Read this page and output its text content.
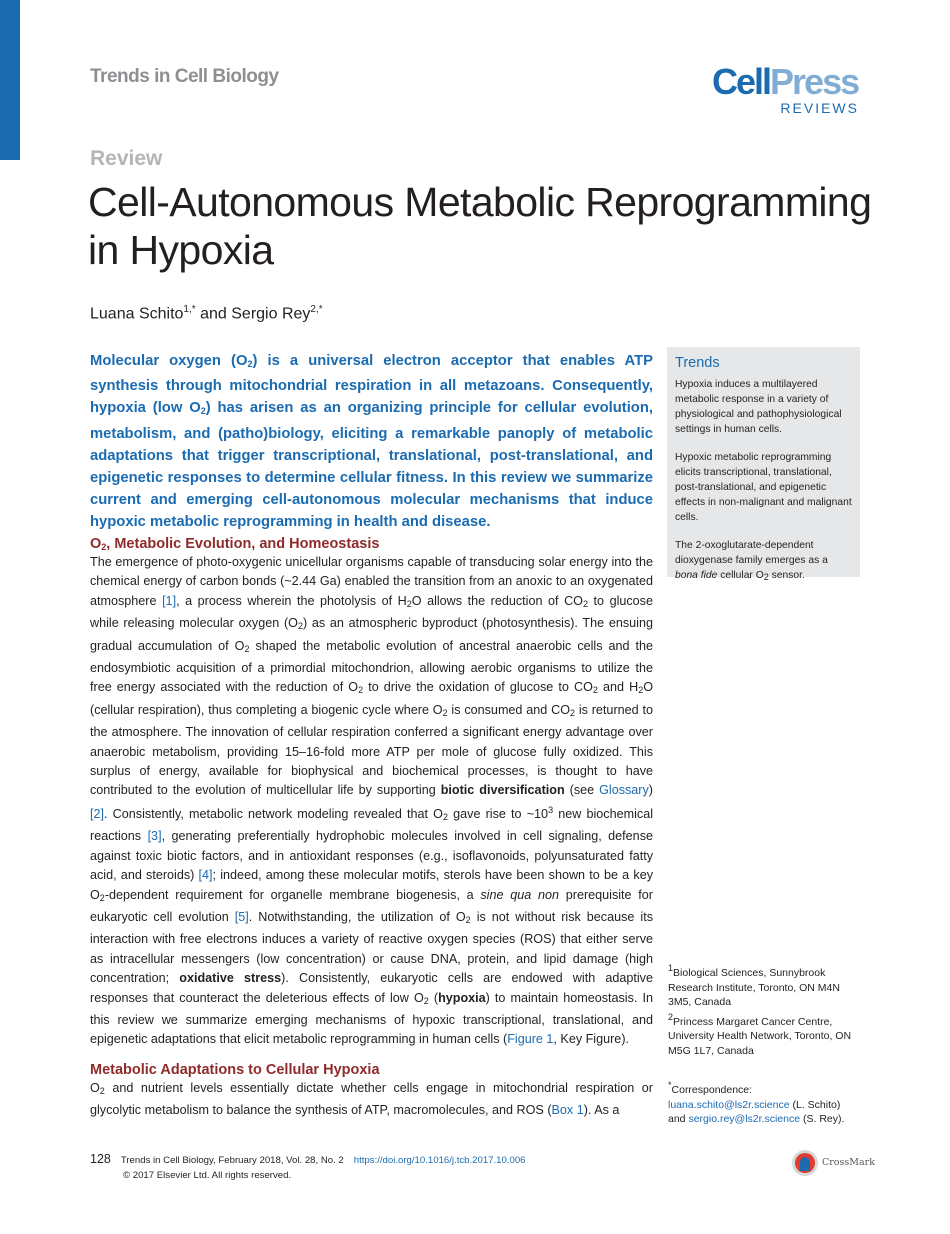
Trends in Cell Biology	CellPress
REVIEWS
Review
Cell-Autonomous Metabolic Reprogramming in Hypoxia
Luana Schito$^{1,*}$ and Sergio Rey$^{2,*}$
Molecular oxygen $(O_2)$ is a universal electron acceptor that enables ATP synthesis through mitochondrial respiration in all metazoans. Consequently, hypoxia (low $O_2$) has arisen as an organizing principle for cellular evolution, metabolism, and (patho)biology, eliciting a remarkable panoply of metabolic adaptations that trigger transcriptional, translational, post-translational, and epigenetic responses to determine cellular fitness. In this review we summarize current and emerging cell-autonomous molecular mechanisms that induce hypoxic metabolic reprogramming in health and disease.
$O_2$, Metabolic Evolution, and Homeostasis
The emergence of photo-oxygenic unicellular organisms capable of transducing solar energy into the chemical energy of carbon bonds (~2.44 Ga) enabled the transition from an anoxic to an oxygenated atmosphere [1], a process wherein the photolysis of $H_2O$ allows the reduction of $CO_2$ to glucose while releasing molecular oxygen $(O_2)$ as an atmospheric byproduct (photosynthesis). The ensuing gradual accumulation of $O_2$ shaped the metabolic evolution of ancestral anaerobic cells and the endosymbiotic acquisition of a primordial mitochondrion, allowing aerobic organisms to utilize the free energy associated with the reduction of $O_2$ to drive the oxidation of glucose to $CO_2$ and $H_2O$ (cellular respiration), thus completing a biogenic cycle where $O_2$ is consumed and $CO_2$ is returned to the atmosphere. The innovation of cellular respiration conferred a significant energy advantage over anaerobic metabolism, providing 15–16-fold more ATP per mole of glucose fully oxidized. This surplus of energy, available for biophysical and biochemical processes, is thought to have contributed to the evolution of multicellular life by supporting biotic diversification (see Glossary) [2]. Consistently, metabolic network modeling revealed that $O_2$ gave rise to $\sim 10^3$ new biochemical reactions [3], generating preferentially hydrophobic molecules involved in cell signaling, defense against toxic biotic factors, and in antioxidant responses (e.g., isoflavonoids, polyunsaturated fatty acid, and steroids) [4]; indeed, among these molecular motifs, sterols have been shown to be a key $O_2$-dependent requirement for organelle membrane biogenesis, a sine qua non prerequisite for eukaryotic cell evolution [5]. Notwithstanding, the utilization of $O_2$ is not without risk because its interaction with free electrons induces a variety of reactive oxygen species (ROS) that either serve as intracellular messengers (low concentration) or cause DNA, protein, and lipid damage (high concentration; oxidative stress). Consistently, eukaryotic cells are endowed with adaptive responses that counteract the deleterious effects of low $O_2$ (hypoxia) to maintain homeostasis. In this review we summarize emerging mechanisms of hypoxic transcriptional, translational, and epigenetic adaptations that elicit metabolic reprogramming in human cells (Figure 1, Key Figure).
Metabolic Adaptations to Cellular Hypoxia
$O_2$ and nutrient levels essentially dictate whether cells engage in mitochondrial respiration or glycolytic metabolism to balance the synthesis of ATP, macromolecules, and ROS (Box 1). As a
Trends
Hypoxia induces a multilayered metabolic response in a variety of physiological and pathophysiological settings in human cells.
Hypoxic metabolic reprogramming elicits transcriptional, translational, post-translational, and epigenetic effects in non-malignant and malignant cells.
The 2-oxoglutarate-dependent dioxygenase family emerges as a bona fide cellular O2 sensor.
1Biological Sciences, Sunnybrook Research Institute, Toronto, ON M4N 3M5, Canada
2Princess Margaret Cancer Centre, University Health Network, Toronto, ON M5G 1L7, Canada
*Correspondence:
luana.schito@ls2r.science (L. Schito)
and sergio.rey@ls2r.science (S. Rey).
128 Trends in Cell Biology, February 2018, Vol. 28, No. 2 https://doi.org/10.1016/j.tcb.2017.10.006
© 2017 Elsevier Ltd. All rights reserved.
CrossMark
